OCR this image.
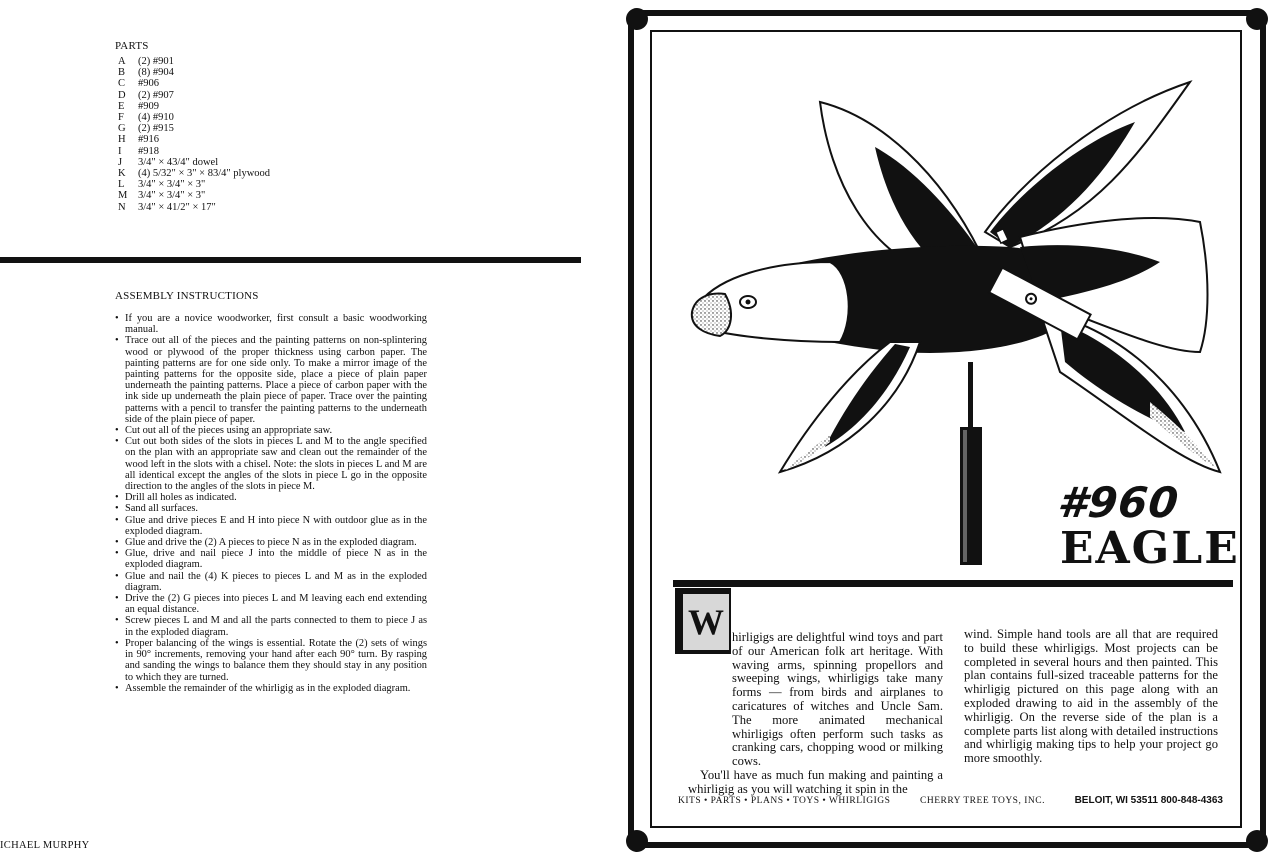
PARTS
A	(2) #901
B	(8) #904
C	#906
D	(2) #907
E	#909
F	(4) #910
G	(2) #915
H	#916
I	#918
J	3/4" × 43/4" dowel
K	(4) 5/32" × 3" × 83/4" plywood
L	3/4" × 3/4" × 3"
M	3/4" × 3/4" × 3"
N	3/4" × 41/2" × 17"
ASSEMBLY INSTRUCTIONS
• If you are a novice woodworker, first consult a basic woodworking manual.
• Trace out all of the pieces and the painting patterns on non-splintering wood or plywood of the proper thickness using carbon paper. The painting patterns are for one side only. To make a mirror image of the painting patterns for the opposite side, place a piece of plain paper underneath the painting patterns. Place a piece of carbon paper with the ink side up underneath the plain piece of paper. Trace over the painting patterns with a pencil to transfer the painting patterns to the underneath side of the plain piece of paper.
• Cut out all of the pieces using an appropriate saw.
• Cut out both sides of the slots in pieces L and M to the angle specified on the plan with an appropriate saw and clean out the remainder of the wood left in the slots with a chisel. Note: the slots in pieces L and M are all identical except the angles of the slots in piece L go in the opposite direction to the angles of the slots in piece M.
• Drill all holes as indicated.
• Sand all surfaces.
• Glue and drive pieces E and H into piece N with outdoor glue as in the exploded diagram.
• Glue and drive the (2) A pieces to piece N as in the exploded diagram.
• Glue, drive and nail piece J into the middle of piece N as in the exploded diagram.
• Glue and nail the (4) K pieces to pieces L and M as in the exploded diagram.
• Drive the (2) G pieces into pieces L and M leaving each end extending an equal distance.
• Screw pieces L and M and all the parts connected to them to piece J as in the exploded diagram.
• Proper balancing of the wings is essential. Rotate the (2) sets of wings in 90° increments, removing your hand after each 90° turn. By rasping and sanding the wings to balance them they should stay in any position to which they are turned.
• Assemble the remainder of the whirligig as in the exploded diagram.
ICHAEL MURPHY
#960
EAGLE
W hirligigs are delightful wind toys and part of our American folk art heritage. With waving arms, spinning propellors and sweeping wings, whirligigs take many forms — from birds and airplanes to caricatures of witches and Uncle Sam. The more animated mechanical whirligigs often perform such tasks as cranking cars, chopping wood or milking cows.
You'll have as much fun making and painting a whirligig as you will watching it spin in the
wind. Simple hand tools are all that are required to build these whirligigs. Most projects can be completed in several hours and then painted. This plan contains full-sized traceable patterns for the whirligig pictured on this page along with an exploded drawing to aid in the assembly of the whirligig. On the reverse side of the plan is a complete parts list along with detailed instructions and whirligig making tips to help your project go more smoothly.
KITS • PARTS • PLANS • TOYS • WHIRLIGIGS	CHERRY TREE TOYS, INC.	BELOIT, WI 53511 800-848-4363
